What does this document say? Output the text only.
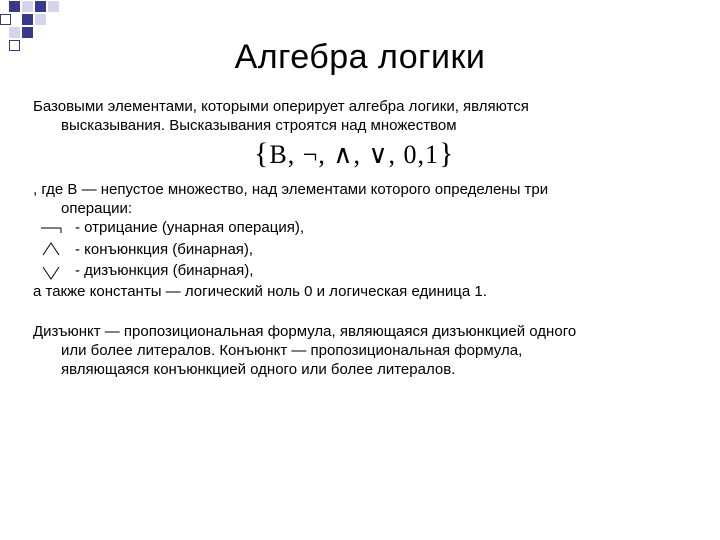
Алгебра логики
Базовыми элементами, которыми оперирует алгебра логики, являются
высказывания. Высказывания строятся над множеством
{B, ¬, ∧, ∨, 0,1}
, где B — непустое множество, над элементами которого определены три
операции:
- отрицание (унарная операция),
- конъюнкция (бинарная),
- дизъюнкция (бинарная),
а также константы — логический ноль 0 и логическая единица 1.
Дизъюнкт — пропозициональная формула, являющаяся дизъюнкцией одного
или более литералов. Конъюнкт — пропозициональная формула,
являющаяся конъюнкцией одного или более литералов.
